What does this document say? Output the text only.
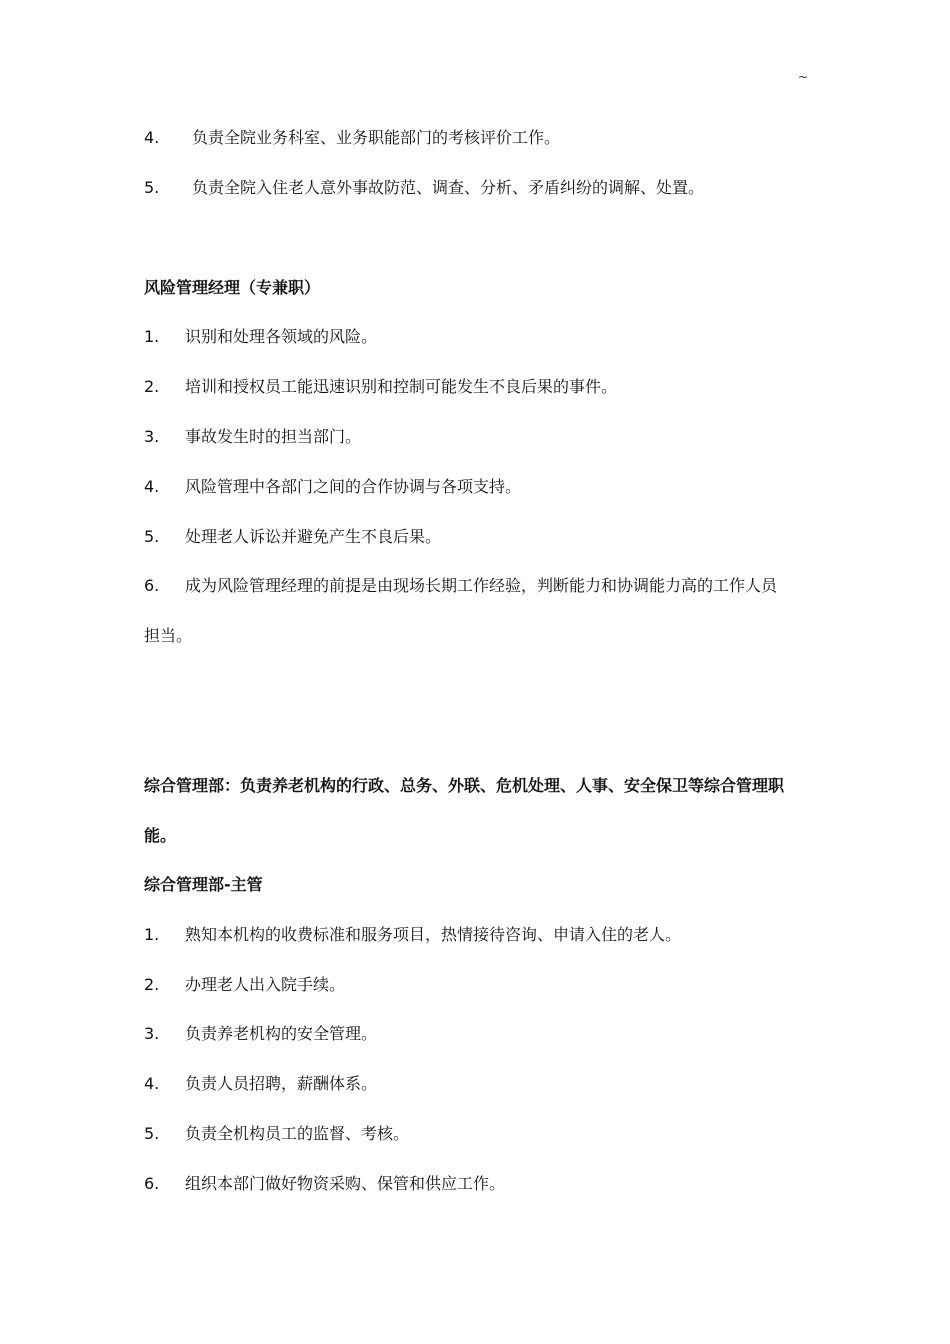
~
4. 负责全院业务科室、业务职能部门的考核评价工作。
5. 负责全院入住老人意外事故防范、调查、分析、矛盾纠纷的调解、处置。
风险管理经理（专兼职）
1. 识别和处理各领域的风险。
2. 培训和授权员工能迅速识别和控制可能发生不良后果的事件。
3. 事故发生时的担当部门。
4. 风险管理中各部门之间的合作协调与各项支持。
5. 处理老人诉讼并避免产生不良后果。
6. 成为风险管理经理的前提是由现场长期工作经验，判断能力和协调能力高的工作人员
担当。
综合管理部：负责养老机构的行政、总务、外联、危机处理、人事、安全保卫等综合管理职
能。
综合管理部-主管
1. 熟知本机构的收费标准和服务项目，热情接待咨询、申请入住的老人。
2. 办理老人出入院手续。
3. 负责养老机构的安全管理。
4. 负责人员招聘，薪酬体系。
5. 负责全机构员工的监督、考核。
6. 组织本部门做好物资采购、保管和供应工作。
